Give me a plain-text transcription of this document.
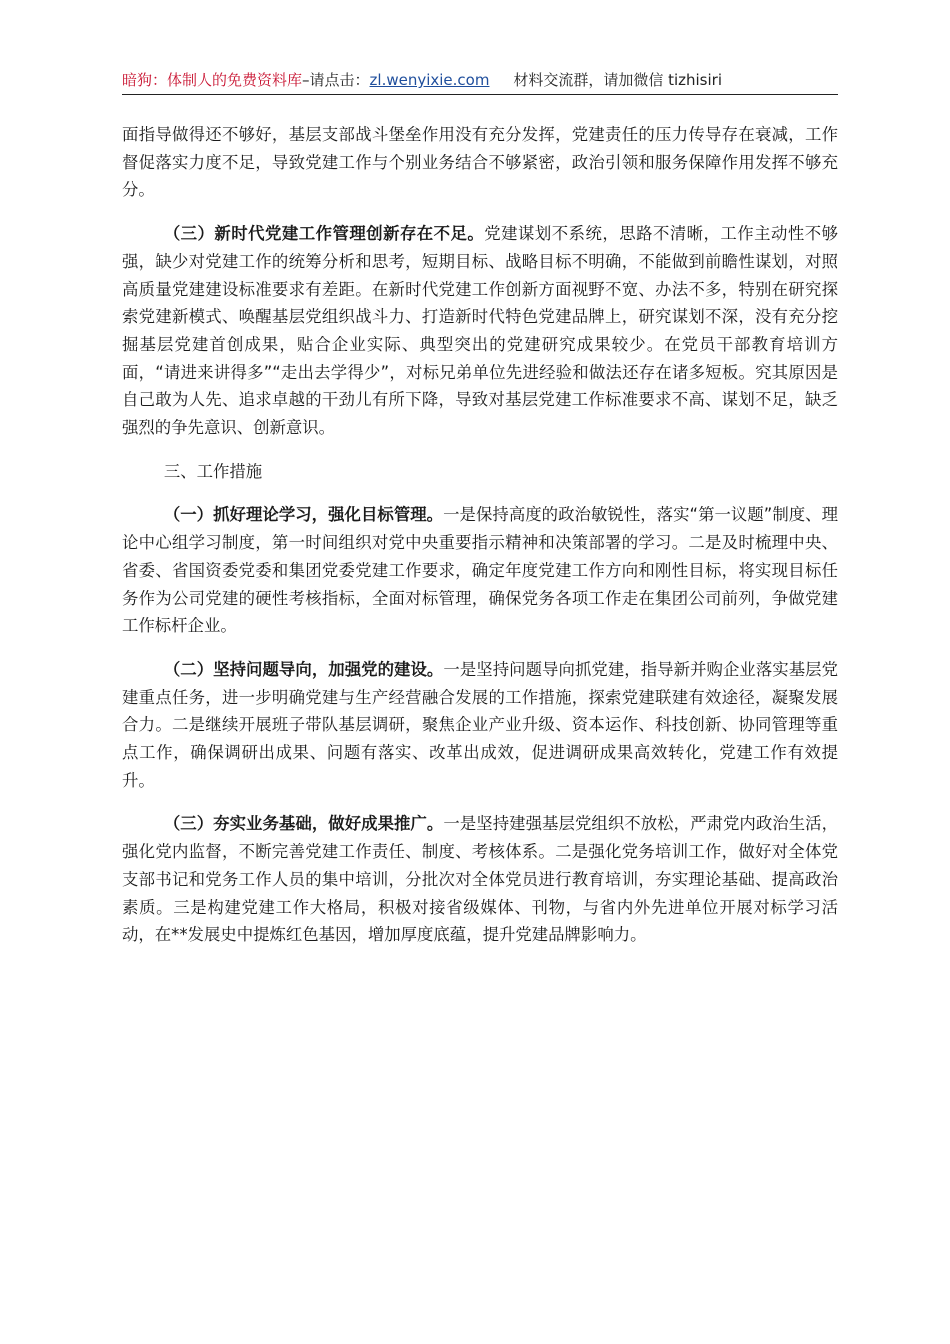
暗狗：体制人的免费资料库–请点击：zl.wenyixie.com 材料交流群，请加微信 tizhisiri

面指导做得还不够好，基层支部战斗堡垒作用没有充分发挥，党建责任的压力传导存在衰减，工作督促落实力度不足，导致党建工作与个别业务结合不够紧密，政治引领和服务保障作用发挥不够充分。

（三）新时代党建工作管理创新存在不足。党建谋划不系统，思路不清晰，工作主动性不够强，缺少对党建工作的统筹分析和思考，短期目标、战略目标不明确，不能做到前瞻性谋划，对照高质量党建建设标准要求有差距。在新时代党建工作创新方面视野不宽、办法不多，特别在研究探索党建新模式、唤醒基层党组织战斗力、打造新时代特色党建品牌上，研究谋划不深，没有充分挖掘基层党建首创成果，贴合企业实际、典型突出的党建研究成果较少。在党员干部教育培训方面，“请进来讲得多”“走出去学得少”，对标兄弟单位先进经验和做法还存在诸多短板。究其原因是自己敢为人先、追求卓越的干劲儿有所下降，导致对基层党建工作标准要求不高、谋划不足，缺乏强烈的争先意识、创新意识。

三、工作措施

（一）抓好理论学习，强化目标管理。一是保持高度的政治敏锐性，落实“第一议题”制度、理论中心组学习制度，第一时间组织对党中央重要指示精神和决策部署的学习。二是及时梳理中央、省委、省国资委党委和集团党委党建工作要求，确定年度党建工作方向和刚性目标，将实现目标任务作为公司党建的硬性考核指标，全面对标管理，确保党务各项工作走在集团公司前列，争做党建工作标杆企业。

（二）坚持问题导向，加强党的建设。一是坚持问题导向抓党建，指导新并购企业落实基层党建重点任务，进一步明确党建与生产经营融合发展的工作措施，探索党建联建有效途径，凝聚发展合力。二是继续开展班子带队基层调研，聚焦企业产业升级、资本运作、科技创新、协同管理等重点工作，确保调研出成果、问题有落实、改革出成效，促进调研成果高效转化，党建工作有效提升。

（三）夯实业务基础，做好成果推广。一是坚持建强基层党组织不放松，严肃党内政治生活，强化党内监督，不断完善党建工作责任、制度、考核体系。二是强化党务培训工作，做好对全体党支部书记和党务工作人员的集中培训，分批次对全体党员进行教育培训，夯实理论基础、提高政治素质。三是构建党建工作大格局，积极对接省级媒体、刊物，与省内外先进单位开展对标学习活动，在**发展史中提炼红色基因，增加厚度底蕴，提升党建品牌影响力。
